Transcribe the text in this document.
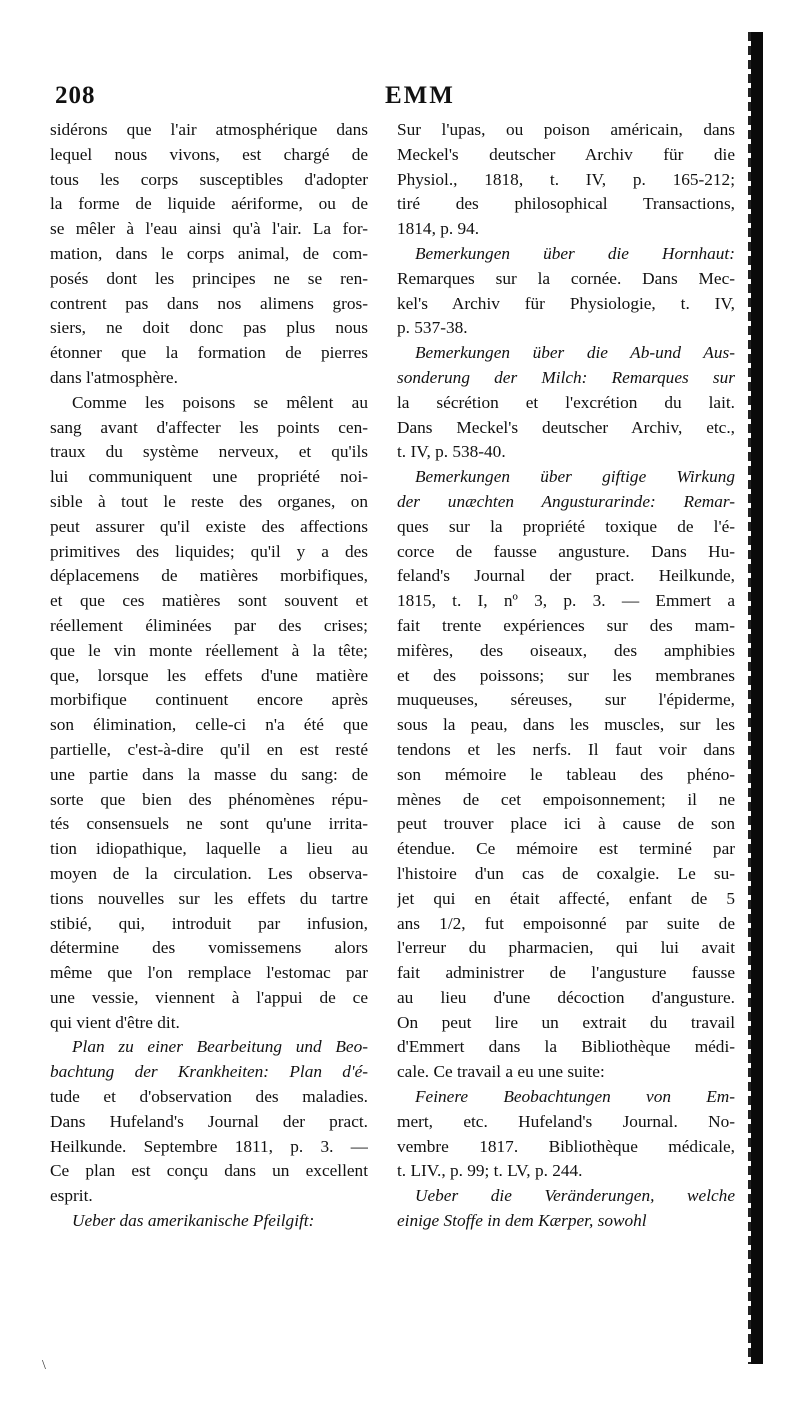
208	EMM
sidérons que l'air atmosphérique dans
lequel nous vivons, est chargé de
tous les corps susceptibles d'adopter
la forme de liquide aériforme, ou de
se mêler à l'eau ainsi qu'à l'air. La for-
mation, dans le corps animal, de com-
posés dont les principes ne se ren-
contrent pas dans nos alimens gros-
siers, ne doit donc pas plus nous
étonner que la formation de pierres
dans l'atmosphère.
Comme les poisons se mêlent au
sang avant d'affecter les points cen-
traux du système nerveux, et qu'ils
lui communiquent une propriété noi-
sible à tout le reste des organes, on
peut assurer qu'il existe des affections
primitives des liquides; qu'il y a des
déplacemens de matières morbifiques,
et que ces matières sont souvent et
réellement éliminées par des crises;
que le vin monte réellement à la tête;
que, lorsque les effets d'une matière
morbifique continuent encore après
son élimination, celle-ci n'a été que
partielle, c'est-à-dire qu'il en est resté
une partie dans la masse du sang: de
sorte que bien des phénomènes répu-
tés consensuels ne sont qu'une irrita-
tion idiopathique, laquelle a lieu au
moyen de la circulation. Les observa-
tions nouvelles sur les effets du tartre
stibié, qui, introduit par infusion,
détermine des vomissemens alors
même que l'on remplace l'estomac par
une vessie, viennent à l'appui de ce
qui vient d'être dit.
Plan zu einer Bearbeitung und Beo-
bachtung der Krankheiten: Plan d'é-
tude et d'observation des maladies.
Dans Hufeland's Journal der pract.
Heilkunde. Septembre 1811, p. 3. —
Ce plan est conçu dans un excellent
esprit.
Ueber das amerikanische Pfeilgift:
Sur l'upas, ou poison américain, dans
Meckel's deutscher Archiv für die
Physiol., 1818, t. IV, p. 165-212;
tiré des philosophical Transactions,
1814, p. 94.
Bemerkungen über die Hornhaut:
Remarques sur la cornée. Dans Mec-
kel's Archiv für Physiologie, t. IV,
p. 537-38.
Bemerkungen über die Ab-und Aus-
sonderung der Milch: Remarques sur
la sécrétion et l'excrétion du lait.
Dans Meckel's deutscher Archiv, etc.,
t. IV, p. 538-40.
Bemerkungen über giftige Wirkung
der unæchten Angusturarinde: Remar-
ques sur la propriété toxique de l'é-
corce de fausse angusture. Dans Hu-
feland's Journal der pract. Heilkunde,
1815, t. I, nº 3, p. 3. — Emmert a
fait trente expériences sur des mam-
mifères, des oiseaux, des amphibies
et des poissons; sur les membranes
muqueuses, séreuses, sur l'épiderme,
sous la peau, dans les muscles, sur les
tendons et les nerfs. Il faut voir dans
son mémoire le tableau des phéno-
mènes de cet empoisonnement; il ne
peut trouver place ici à cause de son
étendue. Ce mémoire est terminé par
l'histoire d'un cas de coxalgie. Le su-
jet qui en était affecté, enfant de 5
ans 1/2, fut empoisonné par suite de
l'erreur du pharmacien, qui lui avait
fait administrer de l'angusture fausse
au lieu d'une décoction d'angusture.
On peut lire un extrait du travail
d'Emmert dans la Bibliothèque médi-
cale. Ce travail a eu une suite:
Feinere Beobachtungen von Em-
mert, etc. Hufeland's Journal. No-
vembre 1817. Bibliothèque médicale,
t. LIV., p. 99; t. LV, p. 244.
Ueber die Veränderungen, welche
einige Stoffe in dem Kærper, sowohl
\
